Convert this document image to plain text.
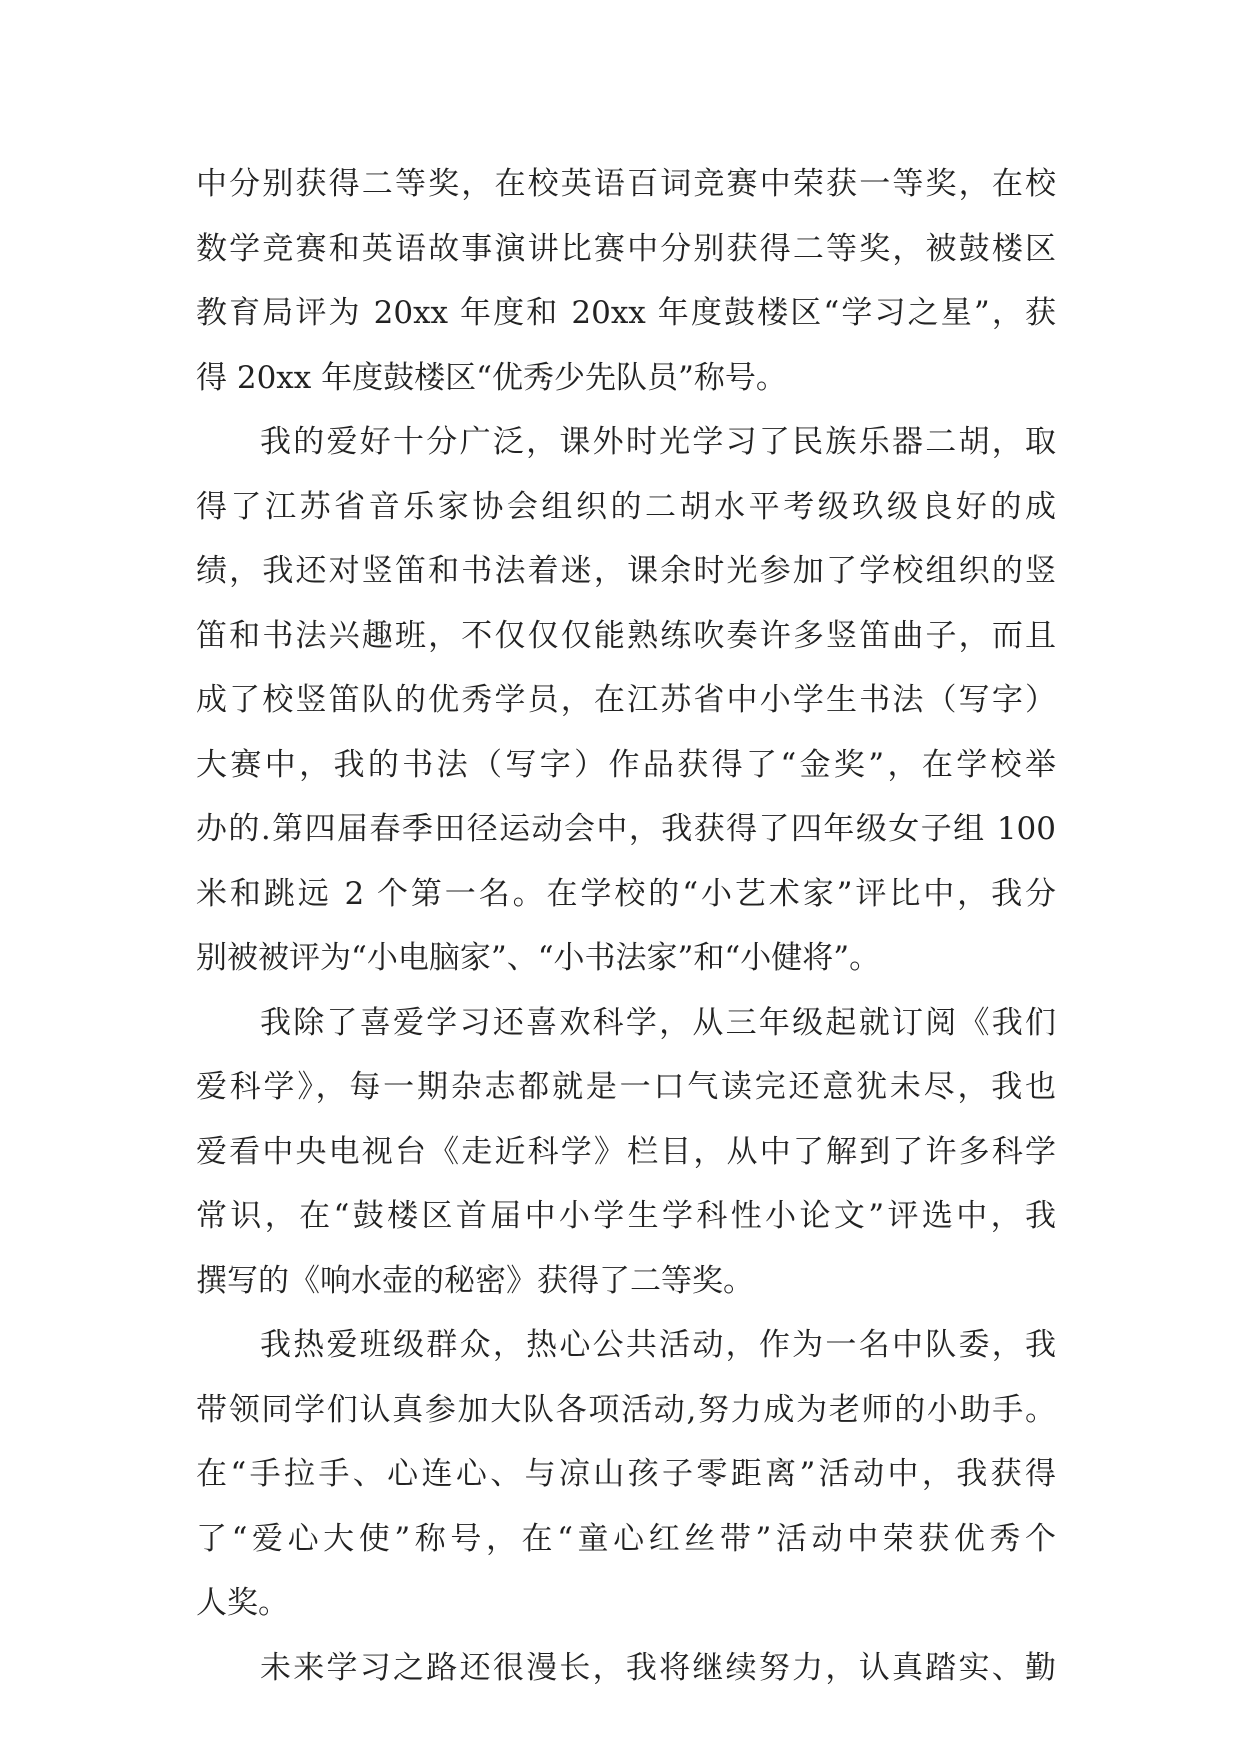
中分别获得二等奖，在校英语百词竞赛中荣获一等奖，在校
数学竞赛和英语故事演讲比赛中分别获得二等奖，被鼓楼区
教育局评为 20xx 年度和 20xx 年度鼓楼区“学习之星”，获
得 20xx 年度鼓楼区“优秀少先队员”称号。
我的爱好十分广泛，课外时光学习了民族乐器二胡，取
得了江苏省音乐家协会组织的二胡水平考级玖级良好的成
绩，我还对竖笛和书法着迷，课余时光参加了学校组织的竖
笛和书法兴趣班，不仅仅仅能熟练吹奏许多竖笛曲子，而且
成了校竖笛队的优秀学员，在江苏省中小学生书法（写字）
大赛中，我的书法（写字）作品获得了“金奖”，在学校举
办的.第四届春季田径运动会中，我获得了四年级女子组 100
米和跳远 2 个第一名。在学校的“小艺术家”评比中，我分
别被被评为“小电脑家”、“小书法家”和“小健将”。
我除了喜爱学习还喜欢科学，从三年级起就订阅《我们
爱科学》，每一期杂志都就是一口气读完还意犹未尽，我也
爱看中央电视台《走近科学》栏目，从中了解到了许多科学
常识，在“鼓楼区首届中小学生学科性小论文”评选中，我
撰写的《响水壶的秘密》获得了二等奖。
我热爱班级群众，热心公共活动，作为一名中队委，我
带领同学们认真参加大队各项活动,努力成为老师的小助手。
在“手拉手、心连心、与凉山孩子零距离”活动中，我获得
了“爱心大使”称号，在“童心红丝带”活动中荣获优秀个
人奖。
未来学习之路还很漫长，我将继续努力，认真踏实、勤
